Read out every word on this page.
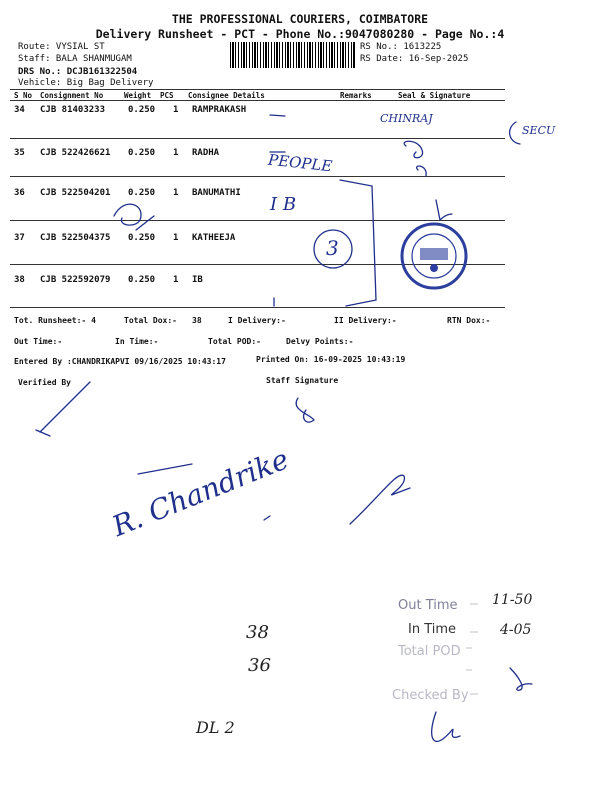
THE PROFESSIONAL COURIERS, COIMBATORE
Delivery Runsheet - PCT - Phone No.:9047080280 - Page No.:4
Route: VYSIAL ST
Staff: BALA SHANMUGAM
DRS No.: DCJB161322504
Vehicle: Big Bag Delivery
RS No.: 1613225
RS Date: 16-Sep-2025
S No Consignment No	Weight PCS Consignee Details	Remarks	Seal & Signature
34 CJB 81403233	0.250 1 RAMPRAKASH
35 CJB 522426621 0.250 1 RADHA
36 CJB 522504201 0.250 1 BANUMATHI
37 CJB 522504375 0.250 1 KATHEEJA
38 CJB 522592079 0.250 1 IB
Tot. Runsheet:- 4	Total Dox:- 38	I Delivery:-	II Delivery:-	RTN Dox:-
Out Time:-	In Time:-	Total POD:-	Delvy Points:-
Entered By :CHANDRIKAPVI 09/16/2025 10:43:17	Printed On: 16-09-2025 10:43:19
Verified By	Staff Signature
CHINRAJ
SECU
PEOPLE
I B
3
R. Chandrike
38
36
DL 2
11-50
4-05
Out Time
In Time
Total POD
Checked By
